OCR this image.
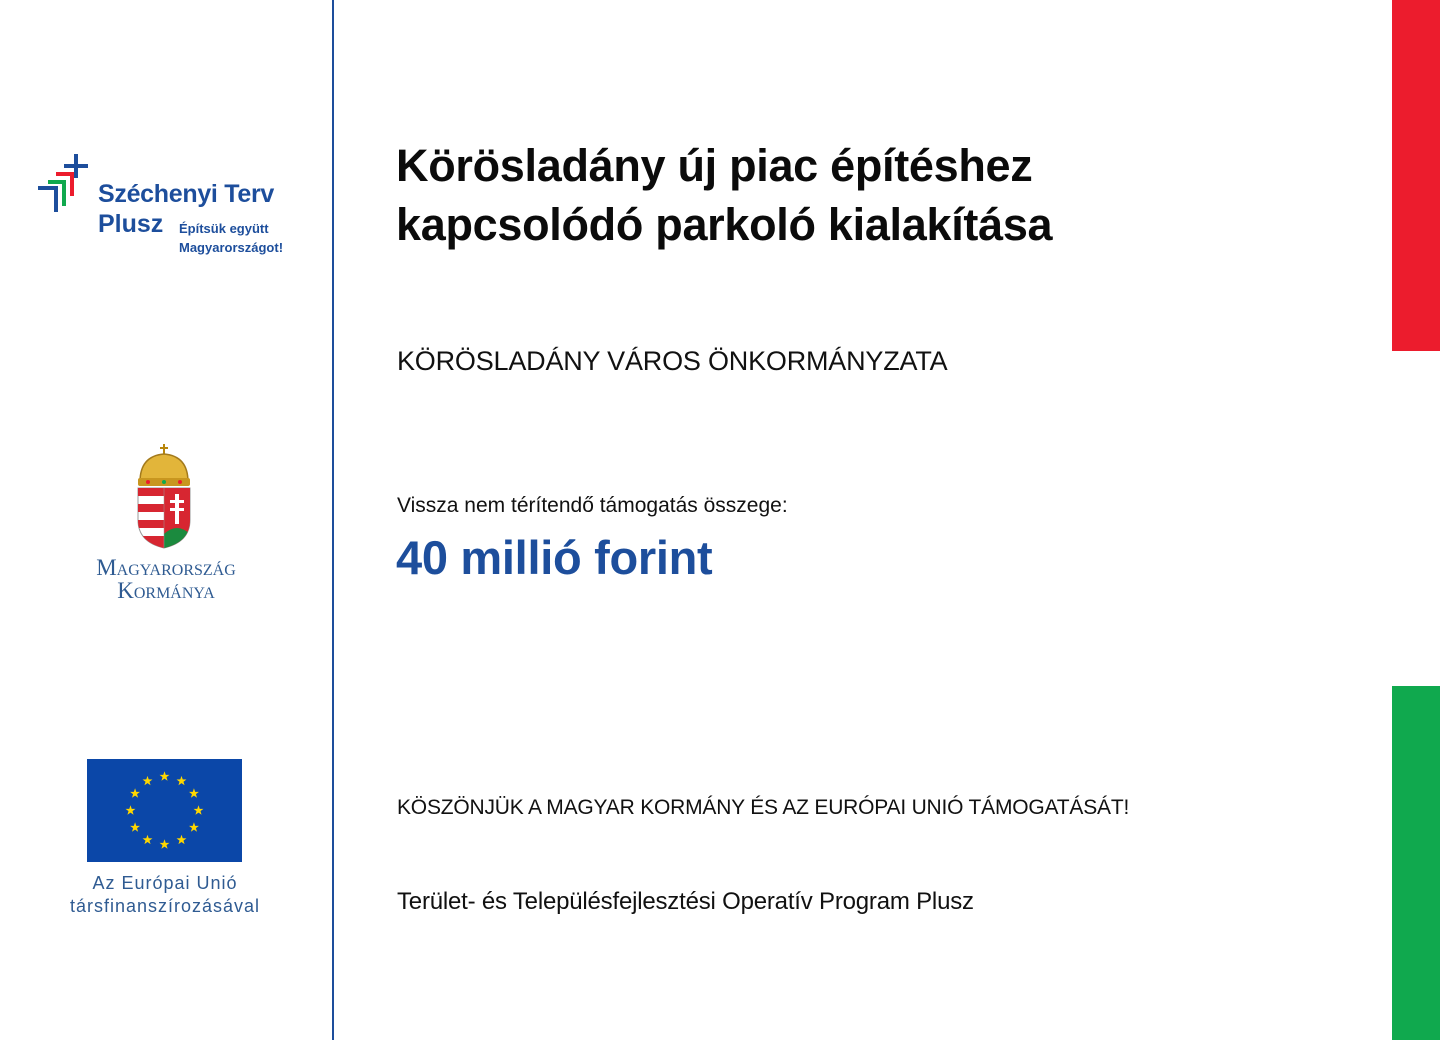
Széchenyi Terv
Plusz Építsük együtt
Magyarországot!
Magyarország
Kormánya
Az Európai Unió
társfinanszírozásával
Körösladány új piac építéshez
kapcsolódó parkoló kialakítása
KÖRÖSLADÁNY VÁROS ÖNKORMÁNYZATA
Vissza nem térítendő támogatás összege:
40 millió forint
KÖSZÖNJÜK A MAGYAR KORMÁNY ÉS AZ EURÓPAI UNIÓ TÁMOGATÁSÁT!
Terület- és Településfejlesztési Operatív Program Plusz
